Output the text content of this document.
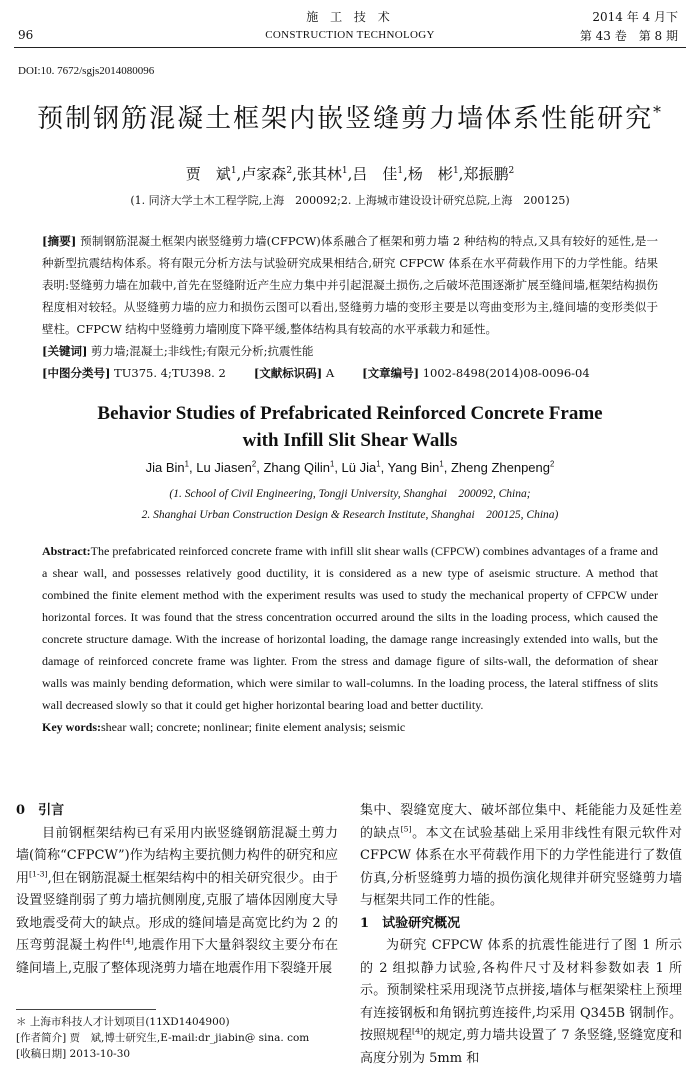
96
施 工 技 术
CONSTRUCTION TECHNOLOGY
2014 年 4 月下
第 43 卷　第 8 期
DOI:10. 7672/sgjs2014080096
预制钢筋混凝土框架内嵌竖缝剪力墙体系性能研究*
贾　斌$^1$,卢家森$^2$,张其林$^1$,吕　佳$^1$,杨　彬$^1$,郑振鹏$^2$
(1. 同济大学土木工程学院,上海　200092;2. 上海城市建设设计研究总院,上海　200125)

[摘要] 预制钢筋混凝土框架内嵌竖缝剪力墙(CFPCW)体系融合了框架和剪力墙 2 种结构的特点,又具有较好的延性,是一种新型抗震结构体系。将有限元分析方法与试验研究成果相结合,研究 CFPCW 体系在水平荷载作用下的力学性能。结果表明:竖缝剪力墙在加载中,首先在竖缝附近产生应力集中并引起混凝土损伤,之后破坏范围逐渐扩展至缝间墙,框架结构损伤程度相对较轻。从竖缝剪力墙的应力和损伤云图可以看出,竖缝剪力墙的变形主要是以弯曲变形为主,缝间墙的变形类似于壁柱。CFPCW 结构中竖缝剪力墙刚度下降平缓,整体结构具有较高的水平承载力和延性。

[关键词] 剪力墙;混凝土;非线性;有限元分析;抗震性能

[中图分类号] TU375. 4;TU398. 2 [文献标识码] A [文章编号] 1002-8498(2014)08-0096-04
Behavior Studies of Prefabricated Reinforced Concrete Frame
with Infill Slit Shear Walls
Jia Bin$^1$, Lu Jiasen$^2$, Zhang Qilin$^1$, Lü Jia$^1$, Yang Bin$^1$, Zheng Zhenpeng$^2$
(1. School of Civil Engineering, Tongji University, Shanghai　200092, China;
2. Shanghai Urban Construction Design & Research Institute, Shanghai　200125, China)

Abstract:The prefabricated reinforced concrete frame with infill slit shear walls (CFPCW) combines advantages of a frame and a shear wall, and possesses relatively good ductility, it is considered as a new type of aseismic structure. A method that combined the finite element method with the experiment results was used to study the mechanical property of CFPCW under horizontal forces. It was found that the stress concentration occurred around the silts in the loading process, which caused the concrete structure damage. With the increase of horizontal loading, the damage range increasingly extended into walls, but the damage of reinforced concrete frame was lighter. From the stress and damage figure of silts-wall, the deformation of shear walls was mainly bending deformation, which were similar to wall-columns. In the loading process, the lateral stiffness of slits wall decreased slowly so that it could get higher horizontal bearing load and better ductility.

Key words:shear wall; concrete; nonlinear; finite element analysis; seismic

0　 引言

目前钢框架结构已有采用内嵌竖缝钢筋混凝土剪力墙(简称“CFPCW”)作为结构主要抗侧力构件的研究和应用[1-3],但在钢筋混凝土框架结构中的相关研究很少。由于设置竖缝削弱了剪力墙抗侧刚度,克服了墙体因刚度大导致地震受荷大的缺点。形成的缝间墙是高宽比约为 2 的压弯剪混凝土构件[4],地震作用下大量斜裂纹主要分布在缝间墙上,克服了整体现浇剪力墙在地震作用下裂缝开展

集中、裂缝宽度大、破坏部位集中、耗能能力及延性差的缺点[5]。本文在试验基础上采用非线性有限元软件对 CFPCW 体系在水平荷载作用下的力学性能进行了数值仿真,分析竖缝剪力墙的损伤演化规律并研究竖缝剪力墙与框架共同工作的性能。

1　 试验研究概况

为研究 CFPCW 体系的抗震性能进行了图 1 所示的 2 组拟静力试验,各构件尺寸及材料参数如表 1 所示。预制梁柱采用现浇节点拼接,墙体与框架梁柱上预埋有连接钢板和角钢抗剪连接件,均采用 Q345B 钢制作。按照规程[4]的规定,剪力墙共设置了 7 条竖缝,竖缝宽度和高度分别为 5mm 和

＊ 上海市科技人才计划项目(11XD1404900)
[作者简介] 贾　斌,博士研究生,E-mail:dr_jiabin@ sina. com
[收稿日期] 2013-10-30
